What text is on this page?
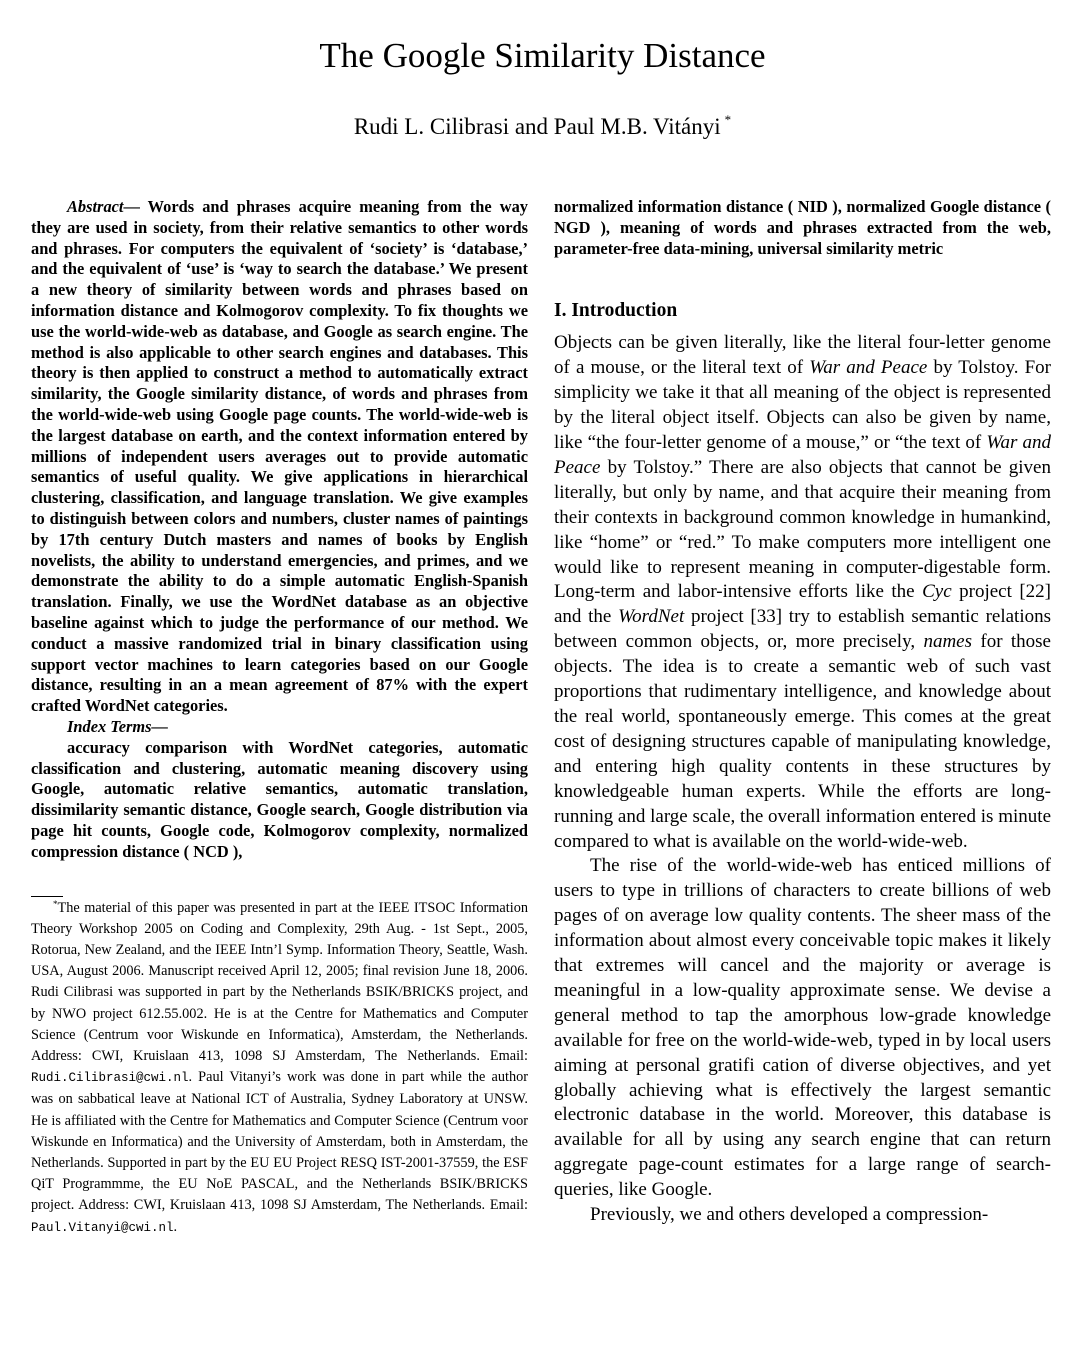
The Google Similarity Distance
Rudi L. Cilibrasi and Paul M.B. Vitányi *

Abstract— Words and phrases acquire meaning from the way they are used in society, from their relative semantics to other words and phrases. For computers the equivalent of ‘society’ is ‘database,’ and the equivalent of ‘use’ is ‘way to search the database.’ We present a new theory of similarity between words and phrases based on information distance and Kolmogorov complexity. To fix thoughts we use the world-wide-web as database, and Google as search engine. The method is also applicable to other search engines and databases. This theory is then applied to construct a method to automatically extract similarity, the Google similarity distance, of words and phrases from the world-wide-web using Google page counts. The world-wide-web is the largest database on earth, and the context information entered by millions of independent users averages out to provide automatic semantics of useful quality. We give applications in hierarchical clustering, classification, and language translation. We give examples to distinguish between colors and numbers, cluster names of paintings by 17th century Dutch masters and names of books by English novelists, the ability to understand emergencies, and primes, and we demonstrate the ability to do a simple automatic English-Spanish translation. Finally, we use the WordNet database as an objective baseline against which to judge the performance of our method. We conduct a massive randomized trial in binary classification using support vector machines to learn categories based on our Google distance, resulting in an a mean agreement of 87% with the expert crafted WordNet categories.

Index Terms—

accuracy comparison with WordNet categories, automatic classification and clustering, automatic meaning discovery using Google, automatic relative semantics, automatic translation, dissimilarity semantic distance, Google search, Google distribution via page hit counts, Google code, Kolmogorov complexity, normalized compression distance ( NCD ),

*The material of this paper was presented in part at the IEEE ITSOC Information Theory Workshop 2005 on Coding and Complexity, 29th Aug. - 1st Sept., 2005, Rotorua, New Zealand, and the IEEE Intn’l Symp. Information Theory, Seattle, Wash. USA, August 2006. Manuscript received April 12, 2005; final revision June 18, 2006. Rudi Cilibrasi was supported in part by the Netherlands BSIK/BRICKS project, and by NWO project 612.55.002. He is at the Centre for Mathematics and Computer Science (Centrum voor Wiskunde en Informatica), Amsterdam, the Netherlands. Address: CWI, Kruislaan 413, 1098 SJ Amsterdam, The Netherlands. Email: Rudi.Cilibrasi@cwi.nl. Paul Vitanyi’s work was done in part while the author was on sabbatical leave at National ICT of Australia, Sydney Laboratory at UNSW. He is affiliated with the Centre for Mathematics and Computer Science (Centrum voor Wiskunde en Informatica) and the University of Amsterdam, both in Amsterdam, the Netherlands. Supported in part by the EU EU Project RESQ IST-2001-37559, the ESF QiT Programmme, the EU NoE PASCAL, and the Netherlands BSIK/BRICKS project. Address: CWI, Kruislaan 413, 1098 SJ Amsterdam, The Netherlands. Email: Paul.Vitanyi@cwi.nl.

normalized information distance ( NID ), normalized Google distance ( NGD ), meaning of words and phrases extracted from the web, parameter-free data-mining, universal similarity metric

I. Introduction

Objects can be given literally, like the literal four-letter genome of a mouse, or the literal text of War and Peace by Tolstoy. For simplicity we take it that all meaning of the object is represented by the literal object itself. Objects can also be given by name, like “the four-letter genome of a mouse,” or “the text of War and Peace by Tolstoy.” There are also objects that cannot be given literally, but only by name, and that acquire their meaning from their contexts in background common knowledge in humankind, like “home” or “red.” To make computers more intelligent one would like to represent meaning in computer-digestable form. Long-term and labor-intensive efforts like the Cyc project [22] and the WordNet project [33] try to establish semantic relations between common objects, or, more precisely, names for those objects. The idea is to create a semantic web of such vast proportions that rudimentary intelligence, and knowledge about the real world, spontaneously emerge. This comes at the great cost of designing structures capable of manipulating knowledge, and entering high quality contents in these structures by knowledgeable human experts. While the efforts are long-running and large scale, the overall information entered is minute compared to what is available on the world-wide-web.

The rise of the world-wide-web has enticed millions of users to type in trillions of characters to create billions of web pages of on average low quality contents. The sheer mass of the information about almost every conceivable topic makes it likely that extremes will cancel and the majority or average is meaningful in a low-quality approximate sense. We devise a general method to tap the amorphous low-grade knowledge available for free on the world-wide-web, typed in by local users aiming at personal gratifi cation of diverse objectives, and yet globally achieving what is effectively the largest semantic electronic database in the world. Moreover, this database is available for all by using any search engine that can return aggregate page-count estimates for a large range of search-queries, like Google.

Previously, we and others developed a compression-
